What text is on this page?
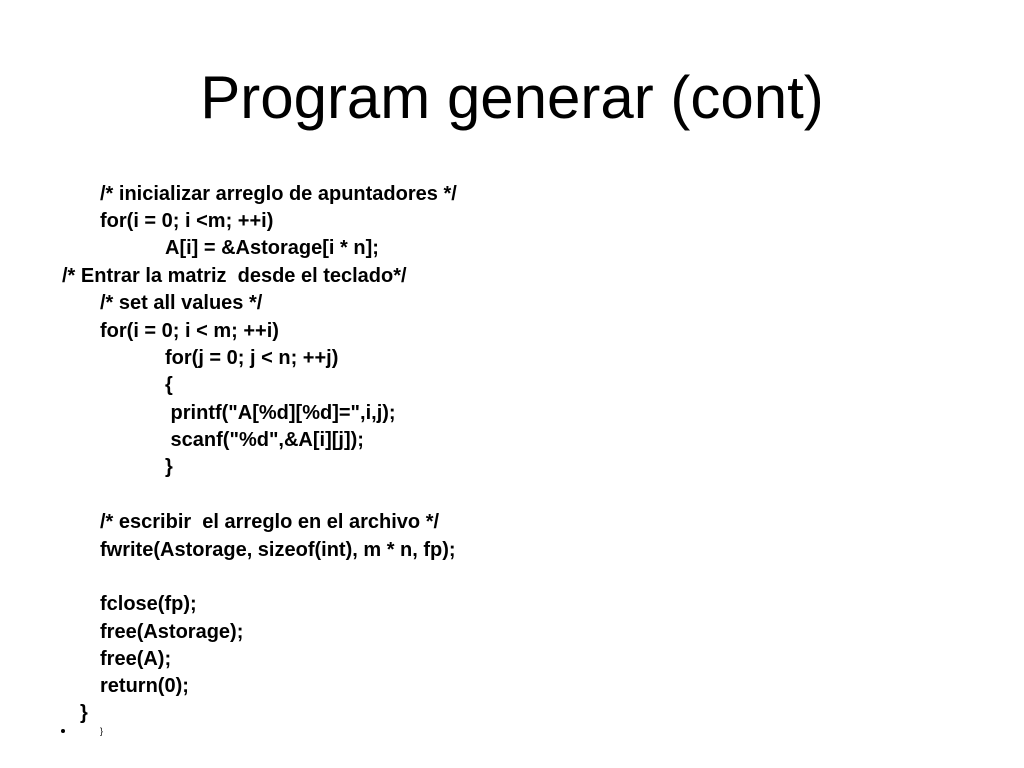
Program generar (cont)
/* inicializar arreglo de apuntadores */
for(i = 0; i <m; ++i)
A[i] = &Astorage[i * n];
/* Entrar la matriz  desde el teclado*/
/* set all values */
for(i = 0; i < m; ++i)
for(j = 0; j < n; ++j)
{
printf("A[%d][%d]=",i,j);
scanf("%d",&A[i][j]);
}
/* escribir  el arreglo en el archivo */
fwrite(Astorage, sizeof(int), m * n, fp);
fclose(fp);
free(Astorage);
free(A);
return(0);
}
}
